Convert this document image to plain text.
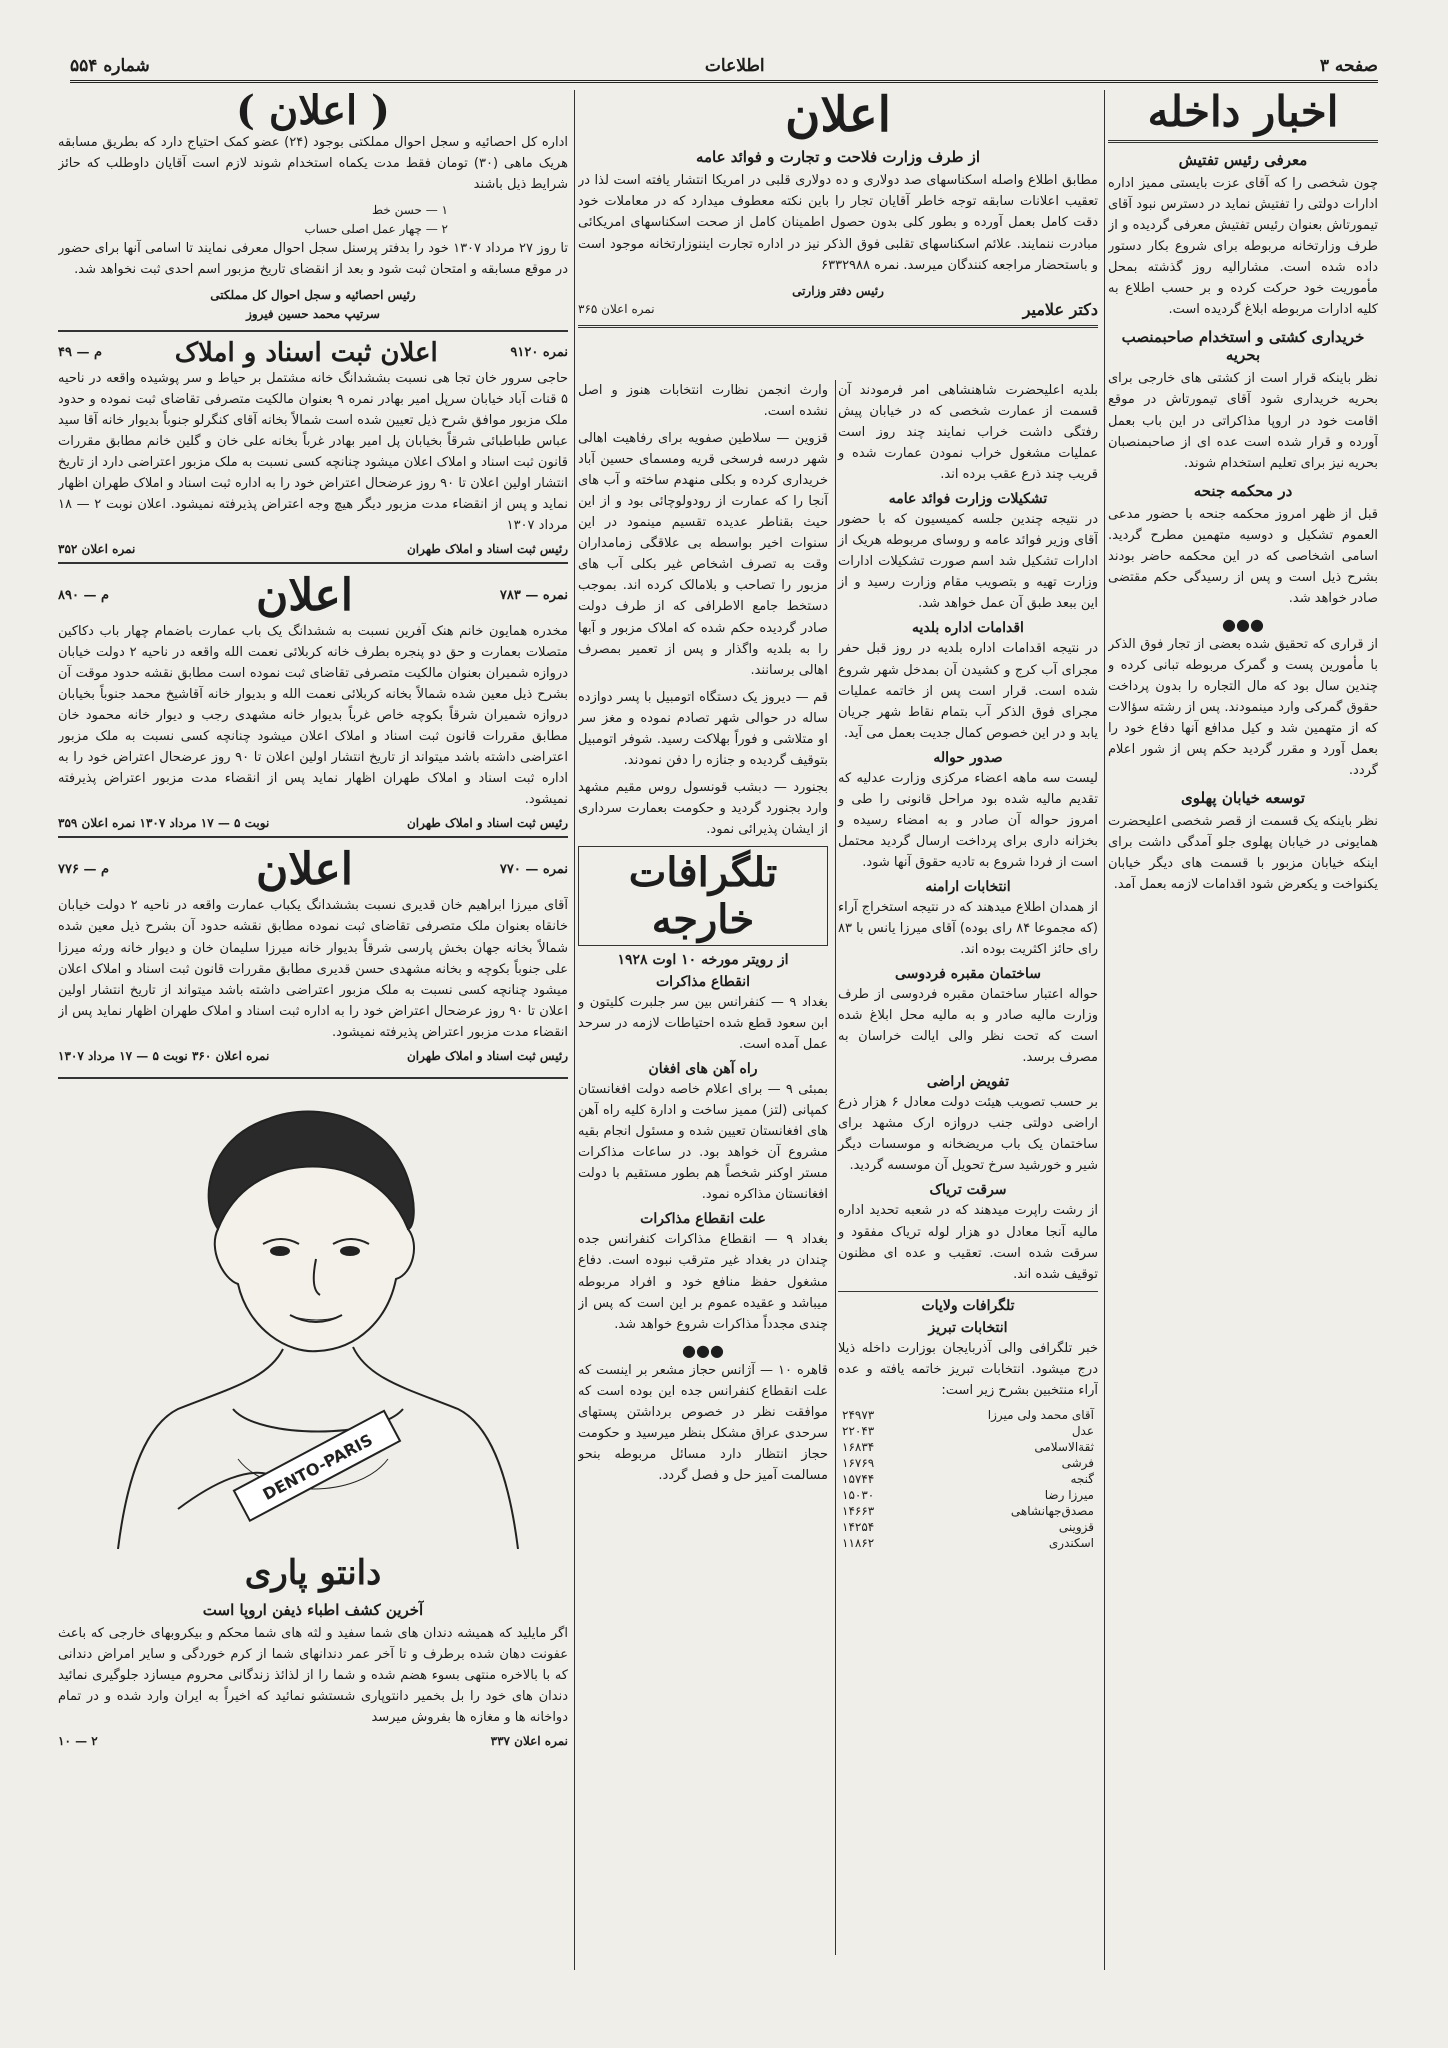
صفحه ۳
اطلاعات
شماره ۵۵۴
اخبار داخله
معرفی رئیس تفتیش

چون شخصی را که آقای عزت بایستی ممیز اداره ادارات دولتی را تفتیش نماید در دسترس نبود آقای تیمورتاش بعنوان رئیس تفتیش معرفی گردیده و از طرف وزارتخانه مربوطه برای شروع بکار دستور داده شده است. مشارالیه روز گذشته بمحل مأموریت خود حرکت کرده و بر حسب اطلاع به کلیه ادارات مربوطه ابلاغ گردیده است.

خریداری کشتی و استخدام صاحبمنصب بحریه

نظر باینکه قرار است از کشتی های خارجی برای بحریه خریداری شود آقای تیمورتاش در موقع اقامت خود در اروپا مذاکراتی در این باب بعمل آورده و قرار شده است عده ای از صاحبمنصبان بحریه نیز برای تعلیم استخدام شوند.

در محکمه جنحه

قبل از ظهر امروز محکمه جنحه با حضور مدعی العموم تشکیل و دوسیه متهمین مطرح گردید. اسامی اشخاصی که در این محکمه حاضر بودند بشرح ذیل است و پس از رسیدگی حکم مقتضی صادر خواهد شد.

●●●

از قراری که تحقیق شده بعضی از تجار فوق الذکر با مأمورین پست و گمرک مربوطه تبانی کرده و چندین سال بود که مال التجاره را بدون پرداخت حقوق گمرکی وارد مینمودند. پس از رشته سؤالات که از متهمین شد و کیل مدافع آنها دفاع خود را بعمل آورد و مقرر گردید حکم پس از شور اعلام گردد.

توسعه خیابان پهلوی

نظر باینکه یک قسمت از قصر شخصی اعلیحضرت همایونی در خیابان پهلوی جلو آمدگی داشت برای اینکه خیابان مزبور با قسمت های دیگر خیابان یکنواخت و یکعرض شود اقدامات لازمه بعمل آمد.

اعلان
از طرف وزارت فلاحت و تجارت و فوائد عامه

مطابق اطلاع واصله اسکناسهای صد دولاری و ده دولاری قلبی در امریکا انتشار یافته است لذا در تعقیب اعلانات سابقه توجه خاطر آقایان تجار را باین نکته معطوف میدارد که در معاملات خود دقت کامل بعمل آورده و بطور کلی بدون حصول اطمینان کامل از صحت اسکناسهای امریکائی مبادرت ننمایند. علائم اسکناسهای تقلبی فوق الذکر نیز در اداره تجارت ایننوزارتخانه موجود است و باستحضار مراجعه کنندگان میرسد. نمره ۶۳۳۲۹۸۸

رئیس دفتر وزارتی
دکتر علامیر
نمره اعلان ۳۶۵

بلدیه اعلیحضرت شاهنشاهی امر فرمودند آن قسمت از عمارت شخصی که در خیابان پیش رفتگی داشت خراب نمایند چند روز است عملیات مشغول خراب نمودن عمارت شده و قریب چند ذرع عقب برده اند.

تشکیلات وزارت فوائد عامه

در نتیجه چندین جلسه کمیسیون که با حضور آقای وزیر فوائد عامه و روسای مربوطه هریک از ادارات تشکیل شد اسم صورت تشکیلات ادارات وزارت تهیه و بتصویب مقام وزارت رسید و از این ببعد طبق آن عمل خواهد شد.

اقدامات اداره بلدیه

در نتیجه اقدامات اداره بلدیه در روز قبل حفر مجرای آب کرج و کشیدن آن بمدخل شهر شروع شده است. قرار است پس از خاتمه عملیات مجرای فوق الذکر آب بتمام نقاط شهر جریان یابد و در این خصوص کمال جدیت بعمل می آید.

صدور حواله

لیست سه ماهه اعضاء مرکزی وزارت عدلیه که تقدیم مالیه شده بود مراحل قانونی را طی و امروز حواله آن صادر و به امضاء رسیده و بخزانه داری برای پرداخت ارسال گردید محتمل است از فردا شروع به تادیه حقوق آنها شود.

انتخابات ارامنه

از همدان اطلاع میدهند که در نتیجه استخراج آراء (که مجموعا ۸۴ رای بوده) آقای میرزا یانس با ۸۳ رای حائز اکثریت بوده اند.

ساختمان مقبره فردوسی

حواله اعتبار ساختمان مقبره فردوسی از طرف وزارت مالیه صادر و به مالیه محل ابلاغ شده است که تحت نظر والی ایالت خراسان به مصرف برسد.

تفویض اراضی

بر حسب تصویب هیئت دولت معادل ۶ هزار ذرع اراضی دولتی جنب دروازه ارک مشهد برای ساختمان یک باب مریضخانه و موسسات دیگر شیر و خورشید سرخ تحویل آن موسسه گردید.

سرقت تریاک

از رشت راپرت میدهند که در شعبه تحدید اداره مالیه آنجا معادل دو هزار لوله تریاک مفقود و سرقت شده است. تعقیب و عده ای مظنون توقیف شده اند.

تلگرافات ولایات
انتخابات تبریز

خبر تلگرافی والی آذربایجان بوزارت داخله ذیلا درج میشود. انتخابات تبریز خاتمه یافته و عده آراء منتخبین بشرح زیر است:

آقای محمد ولی میرزا	۲۴۹۷۳
عدل	۲۲۰۴۳
ثقة‌الاسلامی	۱۶۸۳۴
فرشی	۱۶۷۶۹
گنجه	۱۵۷۴۴
میرزا رضا	۱۵۰۳۰
مصدق‌جهانشاهی	۱۴۶۶۳
قزوینی	۱۴۲۵۴
اسکندری	۱۱۸۶۲

وارث انجمن نظارت انتخابات هنوز و اصل نشده است.

قزوین — سلاطین صفویه برای رفاهیت اهالی شهر درسه فرسخی قریه ومسمای حسین آباد خریداری کرده و بکلی منهدم ساخته و آب های آنجا را که عمارت از رودولوچائی بود و از این حیث بقناطر عدیده تقسیم مینمود در این سنوات اخیر بواسطه بی علاقگی زمامداران وقت به تصرف اشخاص غیر بکلی آب های مزبور را تصاحب و بلامالک کرده اند. بموجب دستخط جامع الاطرافی که از طرف دولت صادر گردیده حکم شده که املاک مزبور و آبها را به بلدیه واگذار و پس از تعمیر بمصرف اهالی برسانند.

قم — دیروز یک دستگاه اتومبیل با پسر دوازده ساله در حوالی شهر تصادم نموده و مغز سر او متلاشی و فوراً بهلاکت رسید. شوفر اتومبیل بتوقیف گردیده و جنازه را دفن نمودند.

بجنورد — دبشب قونسول روس مقیم مشهد وارد بجنورد گردید و حکومت بعمارت سرداری از ایشان پذیرائی نمود.

تلگرافات خارجه
از رویتر مورخه ۱۰ اوت ۱۹۲۸
انقطاع مذاکرات

بغداد ۹ — کنفرانس بین سر جلبرت کلیتون و ابن سعود قطع شده احتیاطات لازمه در سرحد عمل آمده است.

راه آهن های افغان

بمبئی ۹ — برای اعلام خاصه دولت افغانستان کمپانی (لتز) ممیز ساخت و ادارة کلیه راه آهن های افغانستان تعیین شده و مسئول انجام بقیه مشروع آن خواهد بود. در ساعات مذاکرات مستر اوکنر شخصاً هم بطور مستقیم با دولت افغانستان مذاکره نمود.

علت انقطاع مذاکرات

بغداد ۹ — انقطاع مذاکرات کنفرانس جده چندان در بغداد غیر مترقب نبوده است. دفاع مشغول حفظ منافع خود و افراد مربوطه میباشد و عقیده عموم بر این است که پس از چندی مجدداً مذاکرات شروع خواهد شد.

●●●

قاهره ۱۰ — آژانس حجاز مشعر بر اینست که علت انقطاع کنفرانس جده این بوده است که موافقت نظر در خصوص برداشتن پستهای سرحدی عراق مشکل بنظر میرسید و حکومت حجاز انتظار دارد مسائل مربوطه بنحو مسالمت آمیز حل و فصل گردد.

( اعلان )

اداره کل احصائیه و سجل احوال مملکتی بوجود (۲۴) عضو کمک احتیاج دارد که بطریق مسابقه هریک ماهی (۳۰) تومان فقط مدت یکماه استخدام شوند لازم است آقایان داوطلب که حائز شرایط ذیل باشند

۱ — حسن خط
۲ — چهار عمل اصلی حساب

تا روز ۲۷ مرداد ۱۳۰۷ خود را بدفتر پرسنل سجل احوال معرفی نمایند تا اسامی آنها برای حضور در موقع مسابقه و امتحان ثبت شود و بعد از انقضای تاریخ مزبور اسم احدی ثبت نخواهد شد.

رئیس احصائیه و سجل احوال کل مملکتی
سرتیپ محمد حسین فیروز
نمره ۹۱۲۰
اعلان ثبت اسناد و املاک
م — ۴۹

حاجی سرور خان تجا هی نسبت بششدانگ خانه مشتمل بر حیاط و سر پوشیده واقعه در ناحیه ۵ قنات آباد خیابان سرپل امیر بهادر نمره ۹ بعنوان مالکیت متصرفی تقاضای ثبت نموده و حدود ملک مزبور موافق شرح ذیل تعیین شده است شمالاً بخانه آقای کنگرلو جنوباً بدیوار خانه آقا سید عباس طباطبائی شرقاً بخیابان پل امیر بهادر غرباً بخانه علی خان و گلین خانم مطابق مقررات قانون ثبت اسناد و املاک اعلان میشود چنانچه کسی نسبت به ملک مزبور اعتراضی دارد از تاریخ انتشار اولین اعلان تا ۹۰ روز عرضحال اعتراض خود را به اداره ثبت اسناد و املاک طهران اظهار نماید و پس از انقضاء مدت مزبور دیگر هیچ وجه اعتراض پذیرفته نمیشود. اعلان نوبت ۲ — ۱۸ مرداد ۱۳۰۷

رئیس ثبت اسناد و املاک طهران
نمره اعلان ۳۵۲
نمره — ۷۸۳
اعلان
م — ۸۹۰

مخدره همایون خانم هنک آفرین نسبت به ششدانگ یک باب عمارت باضمام چهار باب دکاکین متصلات بعمارت و حق دو پنجره بطرف خانه کربلائی نعمت الله واقعه در ناحیه ۲ دولت خیابان دروازه شمیران بعنوان مالکیت متصرفی تقاضای ثبت نموده است مطابق نقشه حدود موقت آن بشرح ذیل معین شده شمالاً بخانه کربلائی نعمت الله و بدیوار خانه آقاشیخ محمد جنوباً بخیابان دروازه شمیران شرقاً بکوچه خاص غرباً بدیوار خانه مشهدی رجب و دیوار خانه محمود خان مطابق مقررات قانون ثبت اسناد و املاک اعلان میشود چنانچه کسی نسبت به ملک مزبور اعتراضی داشته باشد میتواند از تاریخ انتشار اولین اعلان تا ۹۰ روز عرضحال اعتراض خود را به اداره ثبت اسناد و املاک طهران اظهار نماید پس از انقضاء مدت مزبور اعتراض پذیرفته نمیشود.

رئیس ثبت اسناد و املاک طهران
نوبت ۵ — ۱۷ مرداد ۱۳۰۷ نمره اعلان ۳۵۹
نمره — ۷۷۰
اعلان
م — ۷۷۶

آقای میرزا ابراهیم خان قدیری نسبت بششدانگ یکباب عمارت واقعه در ناحیه ۲ دولت خیابان خانقاه بعنوان ملک متصرفی تقاضای ثبت نموده مطابق نقشه حدود آن بشرح ذیل معین شده شمالاً بخانه جهان بخش پارسی شرقاً بدیوار خانه میرزا سلیمان خان و دیوار خانه ورثه میرزا علی جنوباً بکوچه و بخانه مشهدی حسن قدیری مطابق مقررات قانون ثبت اسناد و املاک اعلان میشود چنانچه کسی نسبت به ملک مزبور اعتراضی داشته باشد میتواند از تاریخ انتشار اولین اعلان تا ۹۰ روز عرضحال اعتراض خود را به اداره ثبت اسناد و املاک طهران اظهار نماید پس از انقضاء مدت مزبور اعتراض پذیرفته نمیشود.

رئیس ثبت اسناد و املاک طهران
نمره اعلان ۳۶۰ نوبت ۵ — ۱۷ مرداد ۱۳۰۷
DENTO-PARIS
دانتو پاری
آخرین کشف اطباء ذیفن اروپا است

اگر مایلید که همیشه دندان های شما سفید و لثه های شما محکم و بیکروبهای خارجی که باعث عفونت دهان شده برطرف و تا آخر عمر دندانهای شما از کرم خوردگی و سایر امراض دندانی که با بالاخره منتهی بسوء هضم شده و شما را از لذائذ زندگانی محروم میسازد جلوگیری نمائید دندان های خود را بل بخمیر دانتوپاری شستشو نمائید که اخیراً به ایران وارد شده و در تمام دواخانه ها و مغازه ها بفروش میرسد

نمره اعلان ۳۳۷
۲ — ۱۰
